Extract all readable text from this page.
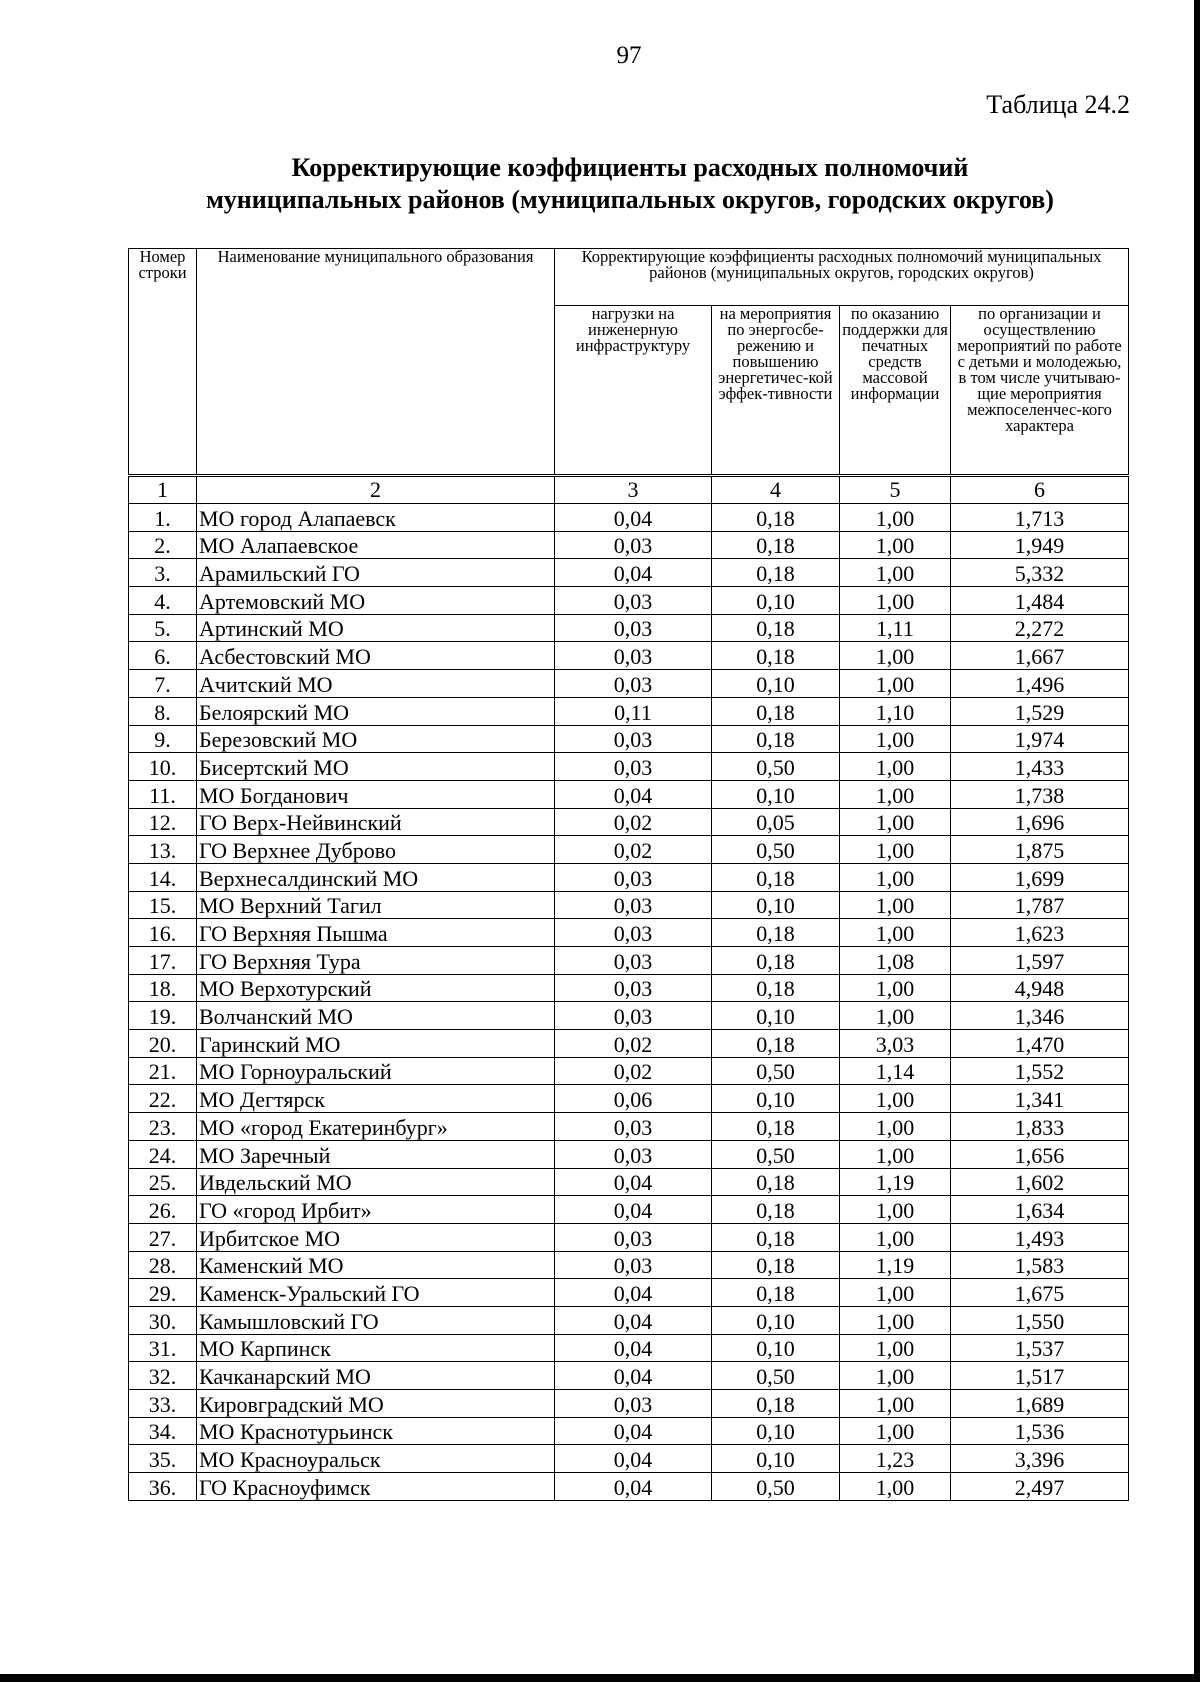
97
Таблица 24.2
Корректирующие коэффициенты расходных полномочий
муниципальных районов (муниципальных округов, городских округов)
Номер строки	Наименование муниципального образования	Корректирующие коэффициенты расходных полномочий муниципальных районов (муниципальных округов, городских округов)			
		нагрузки на инженерную инфраструктуру	на мероприятия по энергосбе-режению и повышению энергетичес-кой эффек-тивности	по оказанию поддержки для печатных средств массовой информации	по организации и осуществлению мероприятий по работе с детьми и молодежью, в том числе учитываю-щие мероприятия межпоселенчес-кого характера
1	2	3	4	5	6
1.	МО город Алапаевск	0,04	0,18	1,00	1,713
2.	МО Алапаевское	0,03	0,18	1,00	1,949
3.	Арамильский ГО	0,04	0,18	1,00	5,332
4.	Артемовский МО	0,03	0,10	1,00	1,484
5.	Артинский МО	0,03	0,18	1,11	2,272
6.	Асбестовский МО	0,03	0,18	1,00	1,667
7.	Ачитский МО	0,03	0,10	1,00	1,496
8.	Белоярский МО	0,11	0,18	1,10	1,529
9.	Березовский МО	0,03	0,18	1,00	1,974
10.	Бисертский МО	0,03	0,50	1,00	1,433
11.	МО Богданович	0,04	0,10	1,00	1,738
12.	ГО Верх-Нейвинский	0,02	0,05	1,00	1,696
13.	ГО Верхнее Дуброво	0,02	0,50	1,00	1,875
14.	Верхнесалдинский МО	0,03	0,18	1,00	1,699
15.	МО Верхний Тагил	0,03	0,10	1,00	1,787
16.	ГО Верхняя Пышма	0,03	0,18	1,00	1,623
17.	ГО Верхняя Тура	0,03	0,18	1,08	1,597
18.	МО Верхотурский	0,03	0,18	1,00	4,948
19.	Волчанский МО	0,03	0,10	1,00	1,346
20.	Гаринский МО	0,02	0,18	3,03	1,470
21.	МО Горноуральский	0,02	0,50	1,14	1,552
22.	МО Дегтярск	0,06	0,10	1,00	1,341
23.	МО «город Екатеринбург»	0,03	0,18	1,00	1,833
24.	МО Заречный	0,03	0,50	1,00	1,656
25.	Ивдельский МО	0,04	0,18	1,19	1,602
26.	ГО «город Ирбит»	0,04	0,18	1,00	1,634
27.	Ирбитское МО	0,03	0,18	1,00	1,493
28.	Каменский МО	0,03	0,18	1,19	1,583
29.	Каменск-Уральский ГО	0,04	0,18	1,00	1,675
30.	Камышловский ГО	0,04	0,10	1,00	1,550
31.	МО Карпинск	0,04	0,10	1,00	1,537
32.	Качканарский МО	0,04	0,50	1,00	1,517
33.	Кировградский МО	0,03	0,18	1,00	1,689
34.	МО Краснотурьинск	0,04	0,10	1,00	1,536
35.	МО Красноуральск	0,04	0,10	1,23	3,396
36.	ГО Красноуфимск	0,04	0,50	1,00	2,497
